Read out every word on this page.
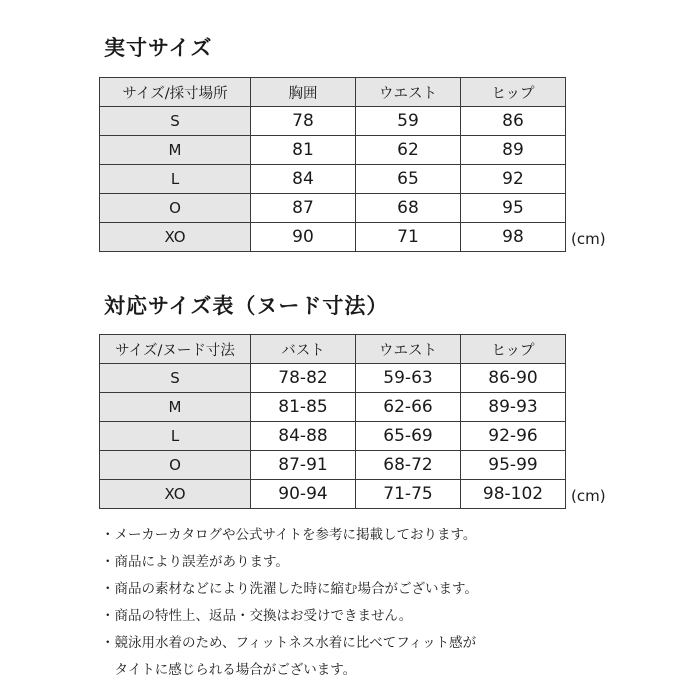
実寸サイズ
サイズ/採寸場所	胸囲	ウエスト	ヒップ
S	78	59	86
M	81	62	89
L	84	65	92
O	87	68	95
XO	90	71	98	(cm)
対応サイズ表（ヌード寸法）
サイズ/ヌード寸法	バスト	ウエスト	ヒップ
S	78-82	59-63	86-90
M	81-85	62-66	89-93
L	84-88	65-69	92-96
O	87-91	68-72	95-99
XO	90-94	71-75	98-102 (cm)
・メーカーカタログや公式サイトを参考に掲載しております。
・商品により誤差があります。
・商品の素材などにより洗濯した時に縮む場合がございます。
・商品の特性上、返品・交換はお受けできません。
・競泳用水着のため、フィットネス水着に比べてフィット感が
　タイトに感じられる場合がございます。
